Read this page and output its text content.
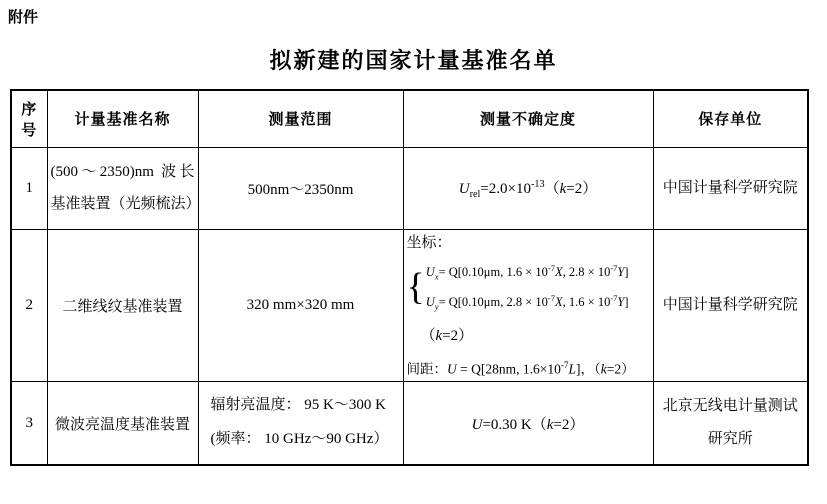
附件
拟新建的国家计量基准名单
序号	计量基准名称	测量范围	测量不确定度	保存单位
1	(500～2350)nm 波长基准装置（光频梳法）	500nm～2350nm	$U_{rel}=2.0\times 10^{-13}(k=2)$	中国计量科学研究院
2	二维线纹基准装置	320 mm×320 mm	
坐标：
{ $U_x= Q[0.10\mu m$, $1.6 \times 10^{-7}X$, $2.8 \times 10^{-7}Y$]
$U_y= Q[0.10\mu m$, $2.8 \times 10^{-7}X$, $1.6 \times 10^{-7}Y$]
（k=2）
间距：U = Q[28nm, $1.6\times 10^{-7}L$]，（k=2）
	中国计量科学研究院
3	微波亮温度基准装置	辐射亮温度： 95 K～300 K
(频率： 10 GHz～90 GHz）	U=0.30 K（k=2）	北京无线电计量测试研究所
